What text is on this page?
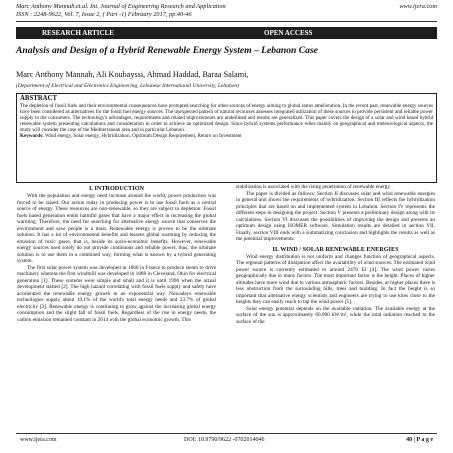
Marc Anthony Mannah.et.al. Int. Journal of Engineering Research and Application	www.ijera.com
ISSN : 2248-9622, Vol. 7, Issue 2, ( Part -1) February 2017, pp.40-46
RESEARCH ARTICLE	OPEN ACCESS
Analysis and Design of a Hybrid Renewable Energy System – Lebanon Case
Marc Anthony Mannah, Ali Koubayssi, Ahmad Haddad, Baraa Salami,
(Department of Electrical and Electronics Engineering, Lebanese International University, Lebanon)
ABSTRACT
The depletion of fossil fuels and their environmental consequences have prompted searching for other sources of energy aiming to global status amelioration. In the recent past, renewable energy sources have been considered as alternatives for the fossil fuel energy sources. The unexpected pattern of natural recourses assesses integrated utilization of these sources to provide persistent and reliable power supply to the consumers. The technology's advantages, requirements and related improvements are underlined and results are generalized. This paper covers the design of a solar and wind based hybrid renewable system presenting calculations and consideration in order to achieve an optimized design. Since hybrid systems performance relies mainly on geographical and meteorological aspects, the study will consider the case of the Mediterranean area and in particular Lebanon.
Keywords: Wind energy, Solar energy, Hybridization, Optimum Design Requirement, Return on Investment
I. INTRODUCTION

With the population and energy need increase around the world, power production was forced to be raised. Our action today in producing power is to use fossil fuels as a central source of energy. These resources are non-renewable, so they are subject to depletion. Fossil fuels based generation emits harmful gases that have a major effect in increasing the global warming. Therefore, the need for searching for alternative energy source that conserves the environment and save people is a must. Renewable energy is proven to be the ultimate solution. It has a lot of environmental benefits and lessens global warming by reducing the emission of toxic gases, that is, beside its socio-economic benefits. However, renewable energy sources used solely do not provide continuous and reliable power, thus, the ultimate solution is to use them in a combined way, forming what is known by a hybrid generating system.

The first solar power system was developed in 1860 in France to produce steam to drive machinery whereas the first windmill was developed in 1888 in Cleveland, Ohio for electrical generation [1]. These systems were simple and small and it is until 1990 when the actual development started [2]. The high hazard correlating with fossil fuels supply and safety have accelerated the renewable energy growth in an exponential way. Nowadays renewable technologies supply about 19.1% of the world's total energy needs and 23.7% of global electricity [3]. Renewable energy is continuing to grow against the increasing global energy consumption and the slight fall of fossil fuels. Regardless of the rise in energy needs, the carbon emission remained constant in 2014 with the global economic growth. This

stabilization is associated with the rising penetration of renewable energy.

The paper is divided as follows: Section II discusses solar and wind renewable energies in general and shows the requirements of hybridization. Section III reflects the hybridization principles that are based on and implemented system in Lebanon. Section IV represents the different steps in designing the project. Section V presents a preliminary design along with its calculations. Section VI discusses the possibilities of improving the design and presents an optimum design using HOMER software. Simulation results are detailed in section VII. Finally, section VIII ends with a summarizing conclusion and highlights the results as well as the potential improvements.

II. WIND / SOLAR RENEWABLE ENERGIES

Wind energy distribution is not uniform and changes function of geographical aspects. The regional patterns of dissipation affect the availability of wind sources. The estimated wind power source is currently estimated to around 2470 EJ [4]. The wind power varies geographically due to many factors. The most important factor is the height. Places of higher altitudes have more wind due to various atmospheric factors. Besides, at higher places there is less obstruction from the surrounding hills, trees and building. In fact the height is so important that alternative energy scientists and engineers are trying to use kites close to the heights they can easily reach to tap the wind power [5].

Solar energy potential depends on the available radiation. The available energy at the surface of the sun is approximately 60,000 kW/m², while the total radiation reached to the surface of the

www.ijera.com	DOI: 10.9790/9622 -0702014046	40 | P a g e
